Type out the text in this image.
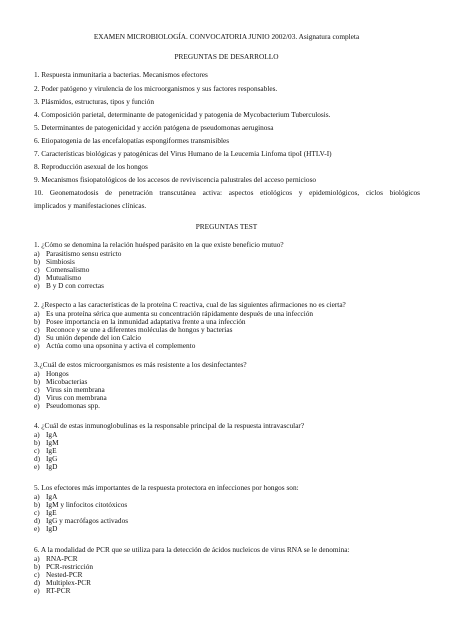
EXAMEN MICROBIOLOGÍA. CONVOCATORIA JUNIO 2002/03. Asignatura completa
PREGUNTAS DE DESARROLLO
1. Respuesta inmunitaria a bacterias. Mecanismos efectores
2. Poder patógeno y virulencia de los microorganismos y sus factores responsables.
3. Plásmidos, estructuras, tipos y función
4. Composición parietal, determinante de patogenicidad y patogenia de Mycobacterium Tuberculosis.
5. Determinantes de patogenicidad y acción patógena de pseudomonas aeruginosa
6. Etiopatogenia de las encefalopatías espongiformes transmisibles
7. Características biológicas y patogénicas del Virus Humano de la Leucemia Linfoma tipoI (HTLV-I)
8. Reproducción asexual de los hongos
9. Mecanismos fisiopatológicos de los accesos de reviviscencia palustrales del acceso pernicioso
10. Geonematodosis de penetración transcutánea activa: aspectos etiológicos y epidemiológicos, ciclos biológicos
implicados y manifestaciones clínicas.
PREGUNTAS TEST
1. ¿Cómo se denomina la relación huésped parásito en la que existe beneficio mutuo?
a) Parasitismo sensu estricto
b) Simbiosis
c) Comensalismo
d) Mutualismo
e) B y D con correctas
2. ¿Respecto a las características de la proteína C reactiva, cual de las siguientes afirmaciones no es cierta?
a) Es una proteína sérica que aumenta su concentración rápidamente después de una infección
b) Posee importancia en la inmunidad adaptativa frente a una infección
c) Reconoce y se une a diferentes moléculas de hongos y bacterias
d) Su unión depende del ion Calcio
e) Actúa como una opsonina y activa el complemento
3.¿Cuál de estos microorganismos es más resistente a los desinfectantes?
a) Hongos
b) Micobacterias
c) Virus sin membrana
d) Virus con membrana
e) Pseudomonas spp.
4. ¿Cuál de estas inmunoglobulinas es la responsable principal de la respuesta intravascular?
a) IgA
b) IgM
c) IgE
d) IgG
e) IgD
5. Los efectores más importantes de la respuesta protectora en infecciones por hongos son:
a) IgA
b) IgM y linfocitos citotóxicos
c) IgE
d) IgG y macrófagos activados
e) IgD
6. A la modalidad de PCR que se utiliza para la detección de ácidos nucleicos de virus RNA se le denomina:
a) RNA-PCR
b) PCR-restricción
c) Nested-PCR
d) Multiplex-PCR
e) RT-PCR
